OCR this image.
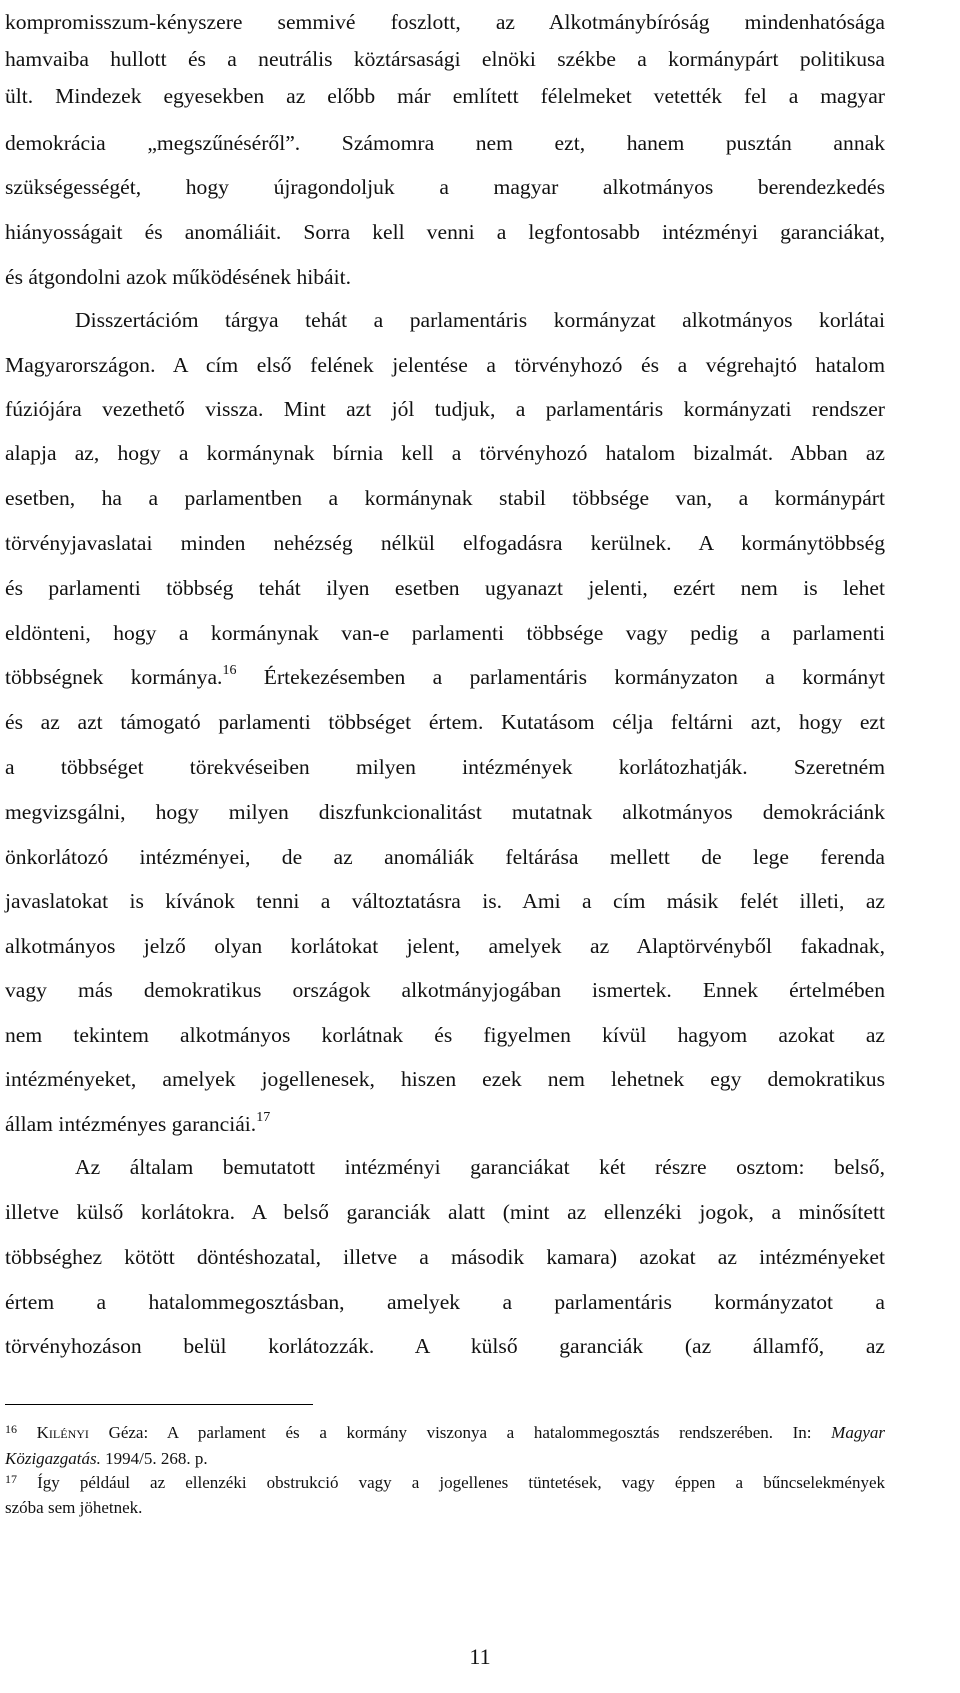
kompromisszum-kényszere semmivé foszlott, az Alkotmánybíróság mindenhatósága
hamvaiba hullott és a neutrális köztársasági elnöki székbe a kormánypárt politikusa
ült. Mindezek egyesekben az előbb már említett félelmeket vetették fel a magyar
demokrácia „megszűnéséről”. Számomra nem ezt, hanem pusztán annak
szükségességét, hogy újragondoljuk a magyar alkotmányos berendezkedés
hiányosságait és anomáliáit. Sorra kell venni a legfontosabb intézményi garanciákat,
és átgondolni azok működésének hibáit.
Disszertációm tárgya tehát a parlamentáris kormányzat alkotmányos korlátai
Magyarországon. A cím első felének jelentése a törvényhozó és a végrehajtó hatalom
fúziójára vezethető vissza. Mint azt jól tudjuk, a parlamentáris kormányzati rendszer
alapja az, hogy a kormánynak bírnia kell a törvényhozó hatalom bizalmát. Abban az
esetben, ha a parlamentben a kormánynak stabil többsége van, a kormánypárt
törvényjavaslatai minden nehézség nélkül elfogadásra kerülnek. A kormánytöbbség
és parlamenti többség tehát ilyen esetben ugyanazt jelenti, ezért nem is lehet
eldönteni, hogy a kormánynak van-e parlamenti többsége vagy pedig a parlamenti
többségnek kormánya.$^{16}$ Értekezésemben a parlamentáris kormányzaton a kormányt
és az azt támogató parlamenti többséget értem. Kutatásom célja feltárni azt, hogy ezt
a többséget törekvéseiben milyen intézmények korlátozhatják. Szeretném
megvizsgálni, hogy milyen diszfunkcionalitást mutatnak alkotmányos demokráciánk
önkorlátozó intézményei, de az anomáliák feltárása mellett de lege ferenda
javaslatokat is kívánok tenni a változtatásra is. Ami a cím másik felét illeti, az
alkotmányos jelző olyan korlátokat jelent, amelyek az Alaptörvényből fakadnak,
vagy más demokratikus országok alkotmányjogában ismertek. Ennek értelmében
nem tekintem alkotmányos korlátnak és figyelmen kívül hagyom azokat az
intézményeket, amelyek jogellenesek, hiszen ezek nem lehetnek egy demokratikus
állam intézményes garanciái.$^{17}$
Az általam bemutatott intézményi garanciákat két részre osztom: belső,
illetve külső korlátokra. A belső garanciák alatt (mint az ellenzéki jogok, a minősített
többséghez kötött döntéshozatal, illetve a második kamara) azokat az intézményeket
értem a hatalommegosztásban, amelyek a parlamentáris kormányzatot a
törvényhozáson belül korlátozzák. A külső garanciák (az államfő, az
$^{16}$ Kilényi Géza: A parlament és a kormány viszonya a hatalommegosztás rendszerében. In: Magyar
Közigazgatás. 1994/5. 268. p.
$^{17}$ Így például az ellenzéki obstrukció vagy a jogellenes tüntetések, vagy éppen a bűncselekmények
szóba sem jöhetnek.
11
